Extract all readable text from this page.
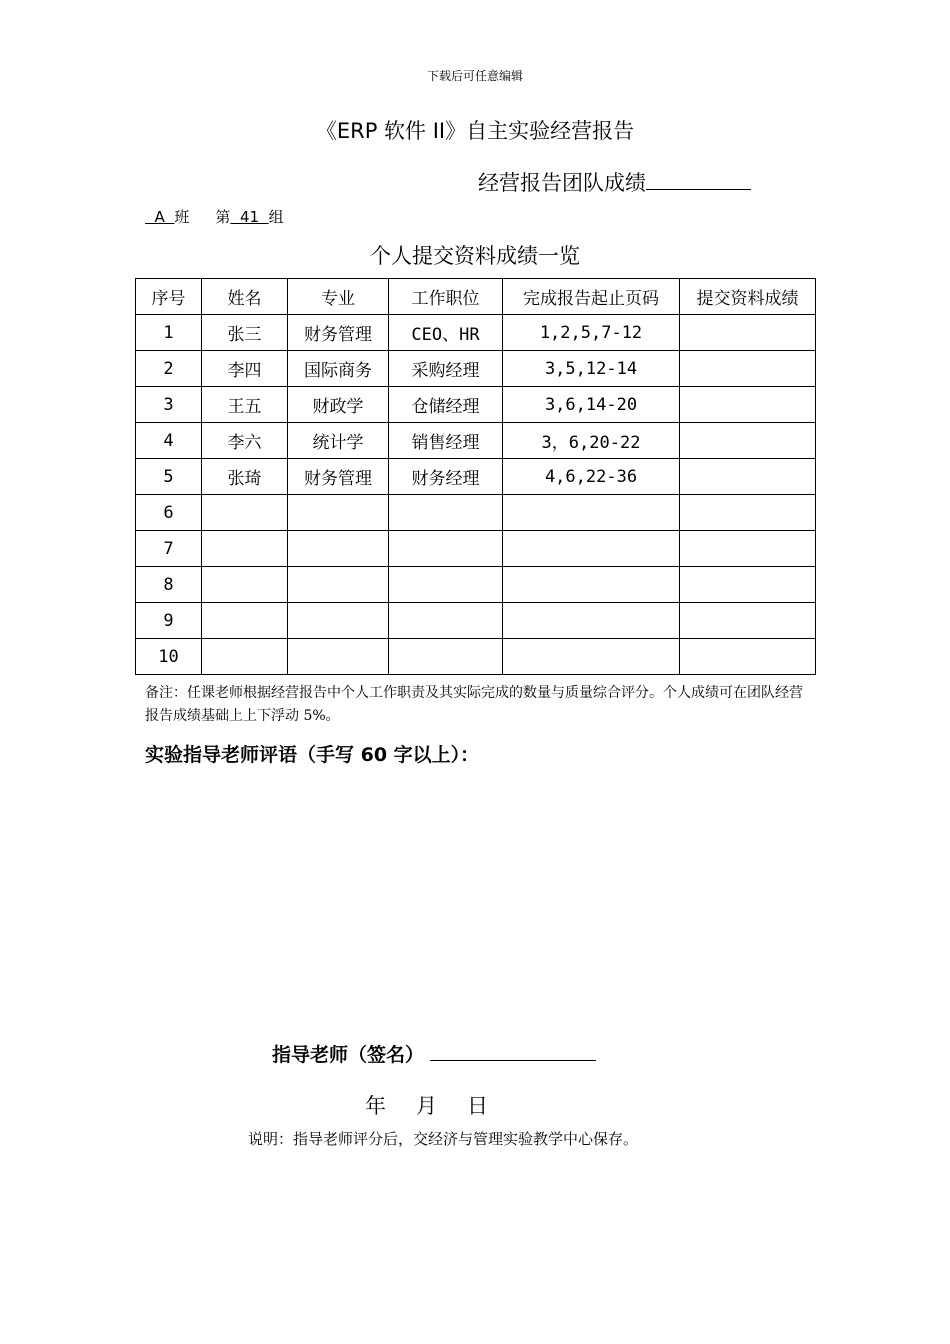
下载后可任意编辑
《ERP 软件 II》自主实验经营报告
经营报告团队成绩
A 班 第 41 组
个人提交资料成绩一览
序号	姓名	专业	工作职位	完成报告起止页码	提交资料成绩
1	张三	财务管理	CEO、HR	1,2,5,7-12	
2	李四	国际商务	采购经理	3,5,12-14	
3	王五	财政学	仓储经理	3,6,14-20	
4	李六	统计学	销售经理	3，6,20-22	
5	张琦	财务管理	财务经理	4,6,22-36	
6					
7					
8					
9					
10					
备注：任课老师根据经营报告中个人工作职责及其实际完成的数量与质量综合评分。个人成绩可在团队经营报告成绩基础上上下浮动 5%。
实验指导老师评语（手写 60 字以上）：
指导老师（签名）
年 月 日
说明：指导老师评分后，交经济与管理实验教学中心保存。
